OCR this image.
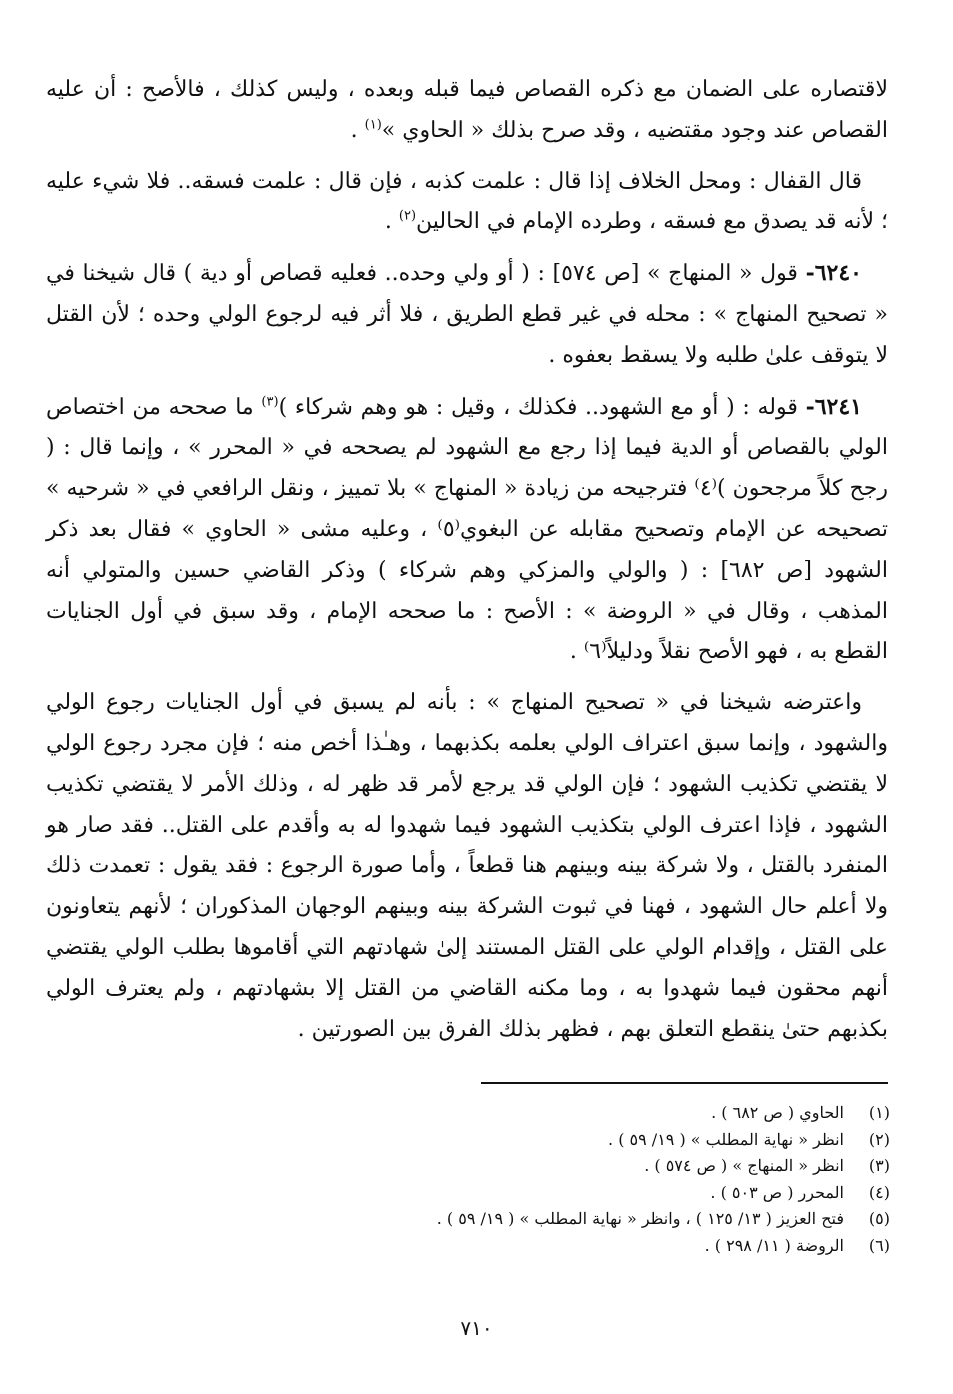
لاقتصاره على الضمان مع ذكره القصاص فيما قبله وبعده ، وليس كذلك ، فالأصح : أن عليه القصاص عند وجود مقتضيه ، وقد صرح بذلك « الحاوي »$^{(١)}$ .

قال القفال : ومحل الخلاف إذا قال : علمت كذبه ، فإن قال : علمت فسقه.. فلا شيء عليه ؛ لأنه قد يصدق مع فسقه ، وطرده الإمام في الحالين$^{(٢)}$ .

٦٢٤٠- قول « المنهاج » [ص ٥٧٤] : ( أو ولي وحده.. فعليه قصاص أو دية ) قال شيخنا في « تصحيح المنهاج » : محله في غير قطع الطريق ، فلا أثر فيه لرجوع الولي وحده ؛ لأن القتل لا يتوقف علىٰ طلبه ولا يسقط بعفوه .

٦٢٤١- قوله : ( أو مع الشهود.. فكذلك ، وقيل : هو وهم شركاء )$^{(٣)}$ ما صححه من اختصاص الولي بالقصاص أو الدية فيما إذا رجع مع الشهود لم يصححه في « المحرر » ، وإنما قال : ( رجح كلاً مرجحون )⁽٤⁾ فترجيحه من زيادة « المنهاج » بلا تمييز ، ونقل الرافعي في « شرحيه » تصحيحه عن الإمام وتصحيح مقابله عن البغوي⁽٥⁾ ، وعليه مشى « الحاوي » فقال بعد ذكر الشهود [ص ٦٨٢] : ( والولي والمزكي وهم شركاء ) وذكر القاضي حسين والمتولي أنه المذهب ، وقال في « الروضة » : الأصح : ما صححه الإمام ، وقد سبق في أول الجنايات القطع به ، فهو الأصح نقلاً ودليلاً⁽٦⁾ .

واعترضه شيخنا في « تصحيح المنهاج » : بأنه لم يسبق في أول الجنايات رجوع الولي والشهود ، وإنما سبق اعتراف الولي بعلمه بكذبهما ، وهـٰذا أخص منه ؛ فإن مجرد رجوع الولي لا يقتضي تكذيب الشهود ؛ فإن الولي قد يرجع لأمر قد ظهر له ، وذلك الأمر لا يقتضي تكذيب الشهود ، فإذا اعترف الولي بتكذيب الشهود فيما شهدوا له به وأقدم على القتل.. فقد صار هو المنفرد بالقتل ، ولا شركة بينه وبينهم هنا قطعاً ، وأما صورة الرجوع : فقد يقول : تعمدت ذلك ولا أعلم حال الشهود ، فهنا في ثبوت الشركة بينه وبينهم الوجهان المذكوران ؛ لأنهم يتعاونون على القتل ، وإقدام الولي على القتل المستند إلىٰ شهادتهم التي أقاموها بطلب الولي يقتضي أنهم محقون فيما شهدوا به ، وما مكنه القاضي من القتل إلا بشهادتهم ، ولم يعترف الولي بكذبهم حتىٰ ينقطع التعلق بهم ، فظهر بذلك الفرق بين الصورتين .

(١)
الحاوي ( ص ٦٨٢ ) .
(٢)
انظر « نهاية المطلب » ( ١٩/ ٥٩ ) .
(٣)
انظر « المنهاج » ( ص ٥٧٤ ) .
(٤)
المحرر ( ص ٥٠٣ ) .
(٥)
فتح العزيز ( ١٣/ ١٢٥ ) ، وانظر « نهاية المطلب » ( ١٩/ ٥٩ ) .
(٦)
الروضة ( ١١/ ٢٩٨ ) .
٧١٠
